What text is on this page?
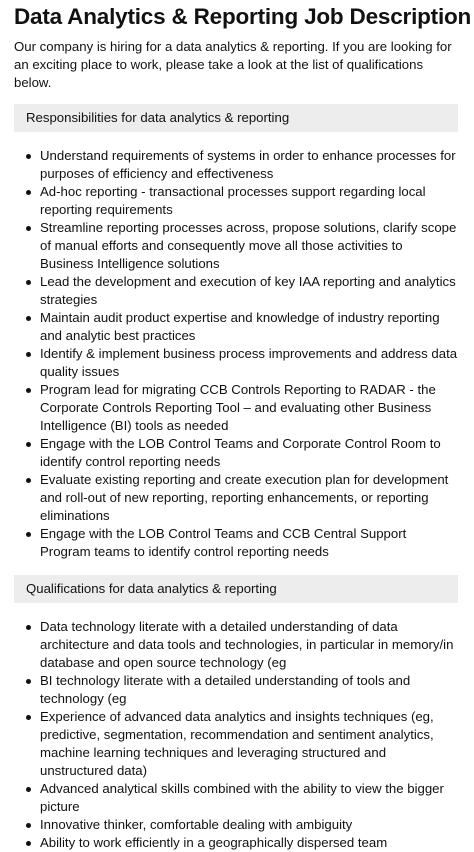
Data Analytics & Reporting Job Description

Our company is hiring for a data analytics & reporting. If you are looking for an exciting place to work, please take a look at the list of qualifications below.

Responsibilities for data analytics & reporting
Understand requirements of systems in order to enhance processes for purposes of efficiency and effectiveness
Ad-hoc reporting - transactional processes support regarding local reporting requirements
Streamline reporting processes across, propose solutions, clarify scope of manual efforts and consequently move all those activities to Business Intelligence solutions
Lead the development and execution of key IAA reporting and analytics strategies
Maintain audit product expertise and knowledge of industry reporting and analytic best practices
Identify & implement business process improvements and address data quality issues
Program lead for migrating CCB Controls Reporting to RADAR - the Corporate Controls Reporting Tool – and evaluating other Business Intelligence (BI) tools as needed
Engage with the LOB Control Teams and Corporate Control Room to identify control reporting needs
Evaluate existing reporting and create execution plan for development and roll-out of new reporting, reporting enhancements, or reporting eliminations
Engage with the LOB Control Teams and CCB Central Support Program teams to identify control reporting needs
Qualifications for data analytics & reporting
Data technology literate with a detailed understanding of data architecture and data tools and technologies, in particular in memory/in database and open source technology (eg
BI technology literate with a detailed understanding of tools and technology (eg
Experience of advanced data analytics and insights techniques (eg, predictive, segmentation, recommendation and sentiment analytics, machine learning techniques and leveraging structured and unstructured data)
Advanced analytical skills combined with the ability to view the bigger picture
Innovative thinker, comfortable dealing with ambiguity
Ability to work efficiently in a geographically dispersed team
